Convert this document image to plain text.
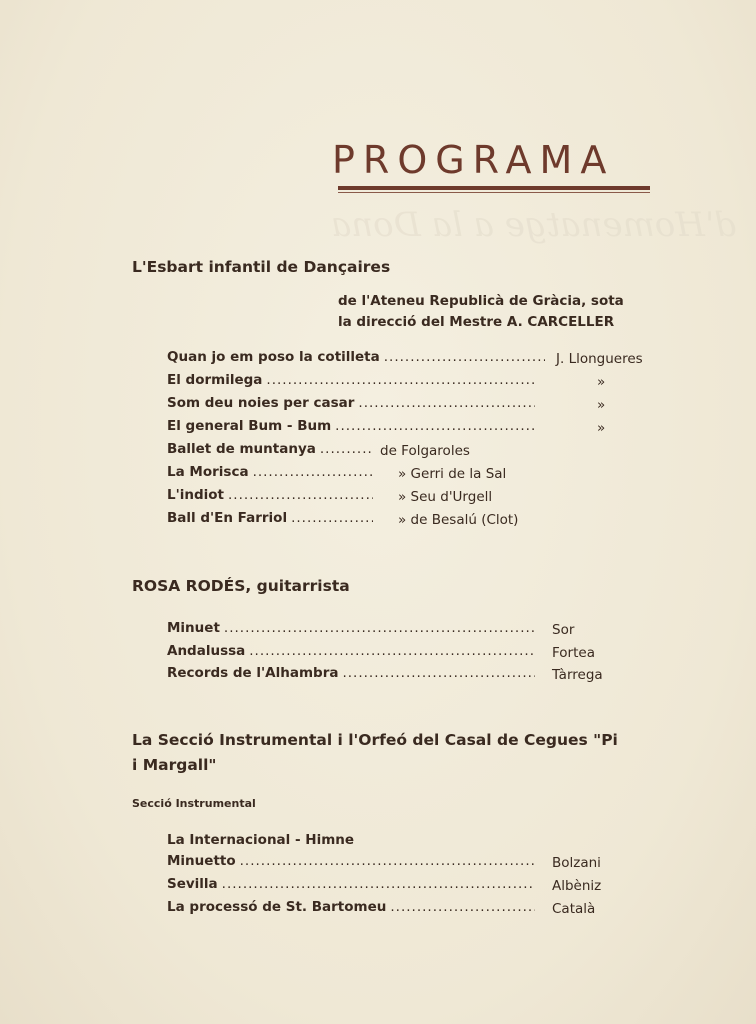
d'Homenatge a la Dona
PROGRAMA
L'Esbart infantil de Dançaires
de l'Ateneu Republicà de Gràcia, sota
la direcció del Mestre A. CARCELLER
Quan jo em poso la cotilleta .....	J. Llongueres
El dormilega .....	»
Som deu noies per casar .....	»
El general Bum - Bum .....	»
Ballet de muntanya .....	de Folgaroles
La Morisca .....	» Gerri de la Sal
L'indiot .....	» Seu d'Urgell
Ball d'En Farriol .....	» de Besalú (Clot)
ROSA RODÉS, guitarrista
Minuet .....	Sor
Andalussa .....	Fortea
Records de l'Alhambra .....	Tàrrega
La Secció Instrumental i l'Orfeó del Casal de Cegues "Pi
i Margall"
Secció Instrumental
La Internacional - Himne
Minuetto .....	Bolzani
Sevilla .....	Albèniz
La processó de St. Bartomeu .....	Català
